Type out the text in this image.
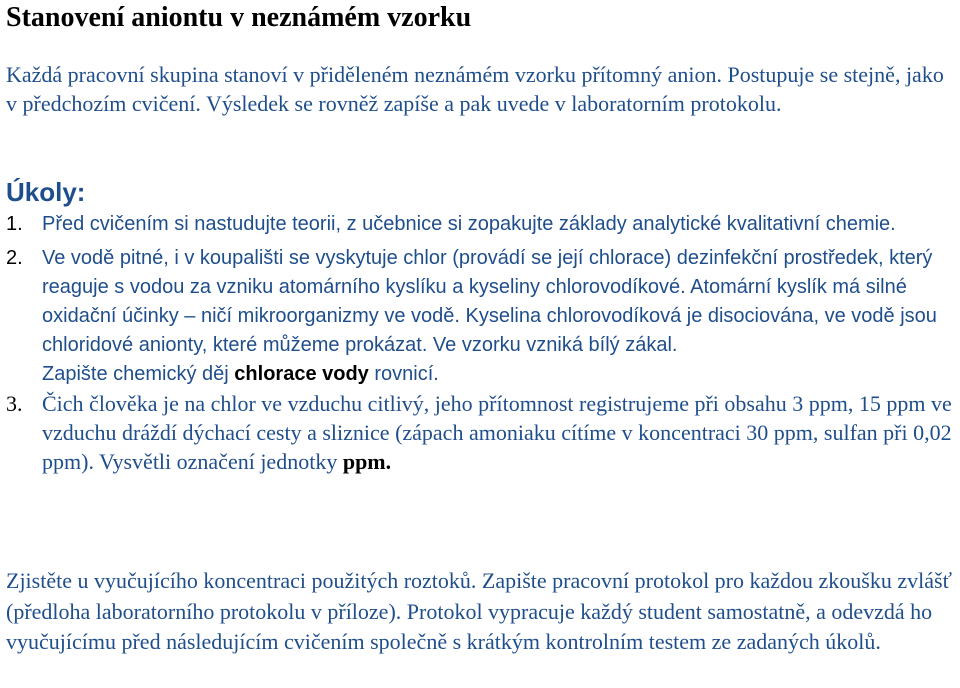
Stanovení aniontu v neznámém vzorku

Každá pracovní skupina stanoví v přiděleném neznámém vzorku přítomný anion. Postupuje se stejně, jako v předchozím cvičení. Výsledek se rovněž zapíše a pak uvede v laboratorním protokolu.

Úkoly:
1. Před cvičením si nastudujte teorii, z učebnice si zopakujte základy analytické kvalitativní chemie.
2. Ve vodě pitné, i v koupališti se vyskytuje chlor (provádí se její chlorace) dezinfekční prostředek, který reaguje s vodou za vzniku atomárního kyslíku a kyseliny chlorovodíkové. Atomární kyslík má silné oxidační účinky – ničí mikroorganizmy ve vodě. Kyselina chlorovodíková je disociována, ve vodě jsou chloridové anionty, které můžeme prokázat. Ve vzorku vzniká bílý zákal.
Zapište chemický děj chlorace vody rovnicí.
3. Čich člověka je na chlor ve vzduchu citlivý, jeho přítomnost registrujeme při obsahu 3 ppm, 15 ppm ve vzduchu dráždí dýchací cesty a sliznice (zápach amoniaku cítíme v koncentraci 30 ppm, sulfan při 0,02 ppm). Vysvětli označení jednotky ppm.

Zjistěte u vyučujícího koncentraci použitých roztoků. Zapište pracovní protokol pro každou zkoušku zvlášť (předloha laboratorního protokolu v příloze). Protokol vypracuje každý student samostatně, a odevzdá ho vyučujícímu před následujícím cvičením společně s krátkým kontrolním testem ze zadaných úkolů.
